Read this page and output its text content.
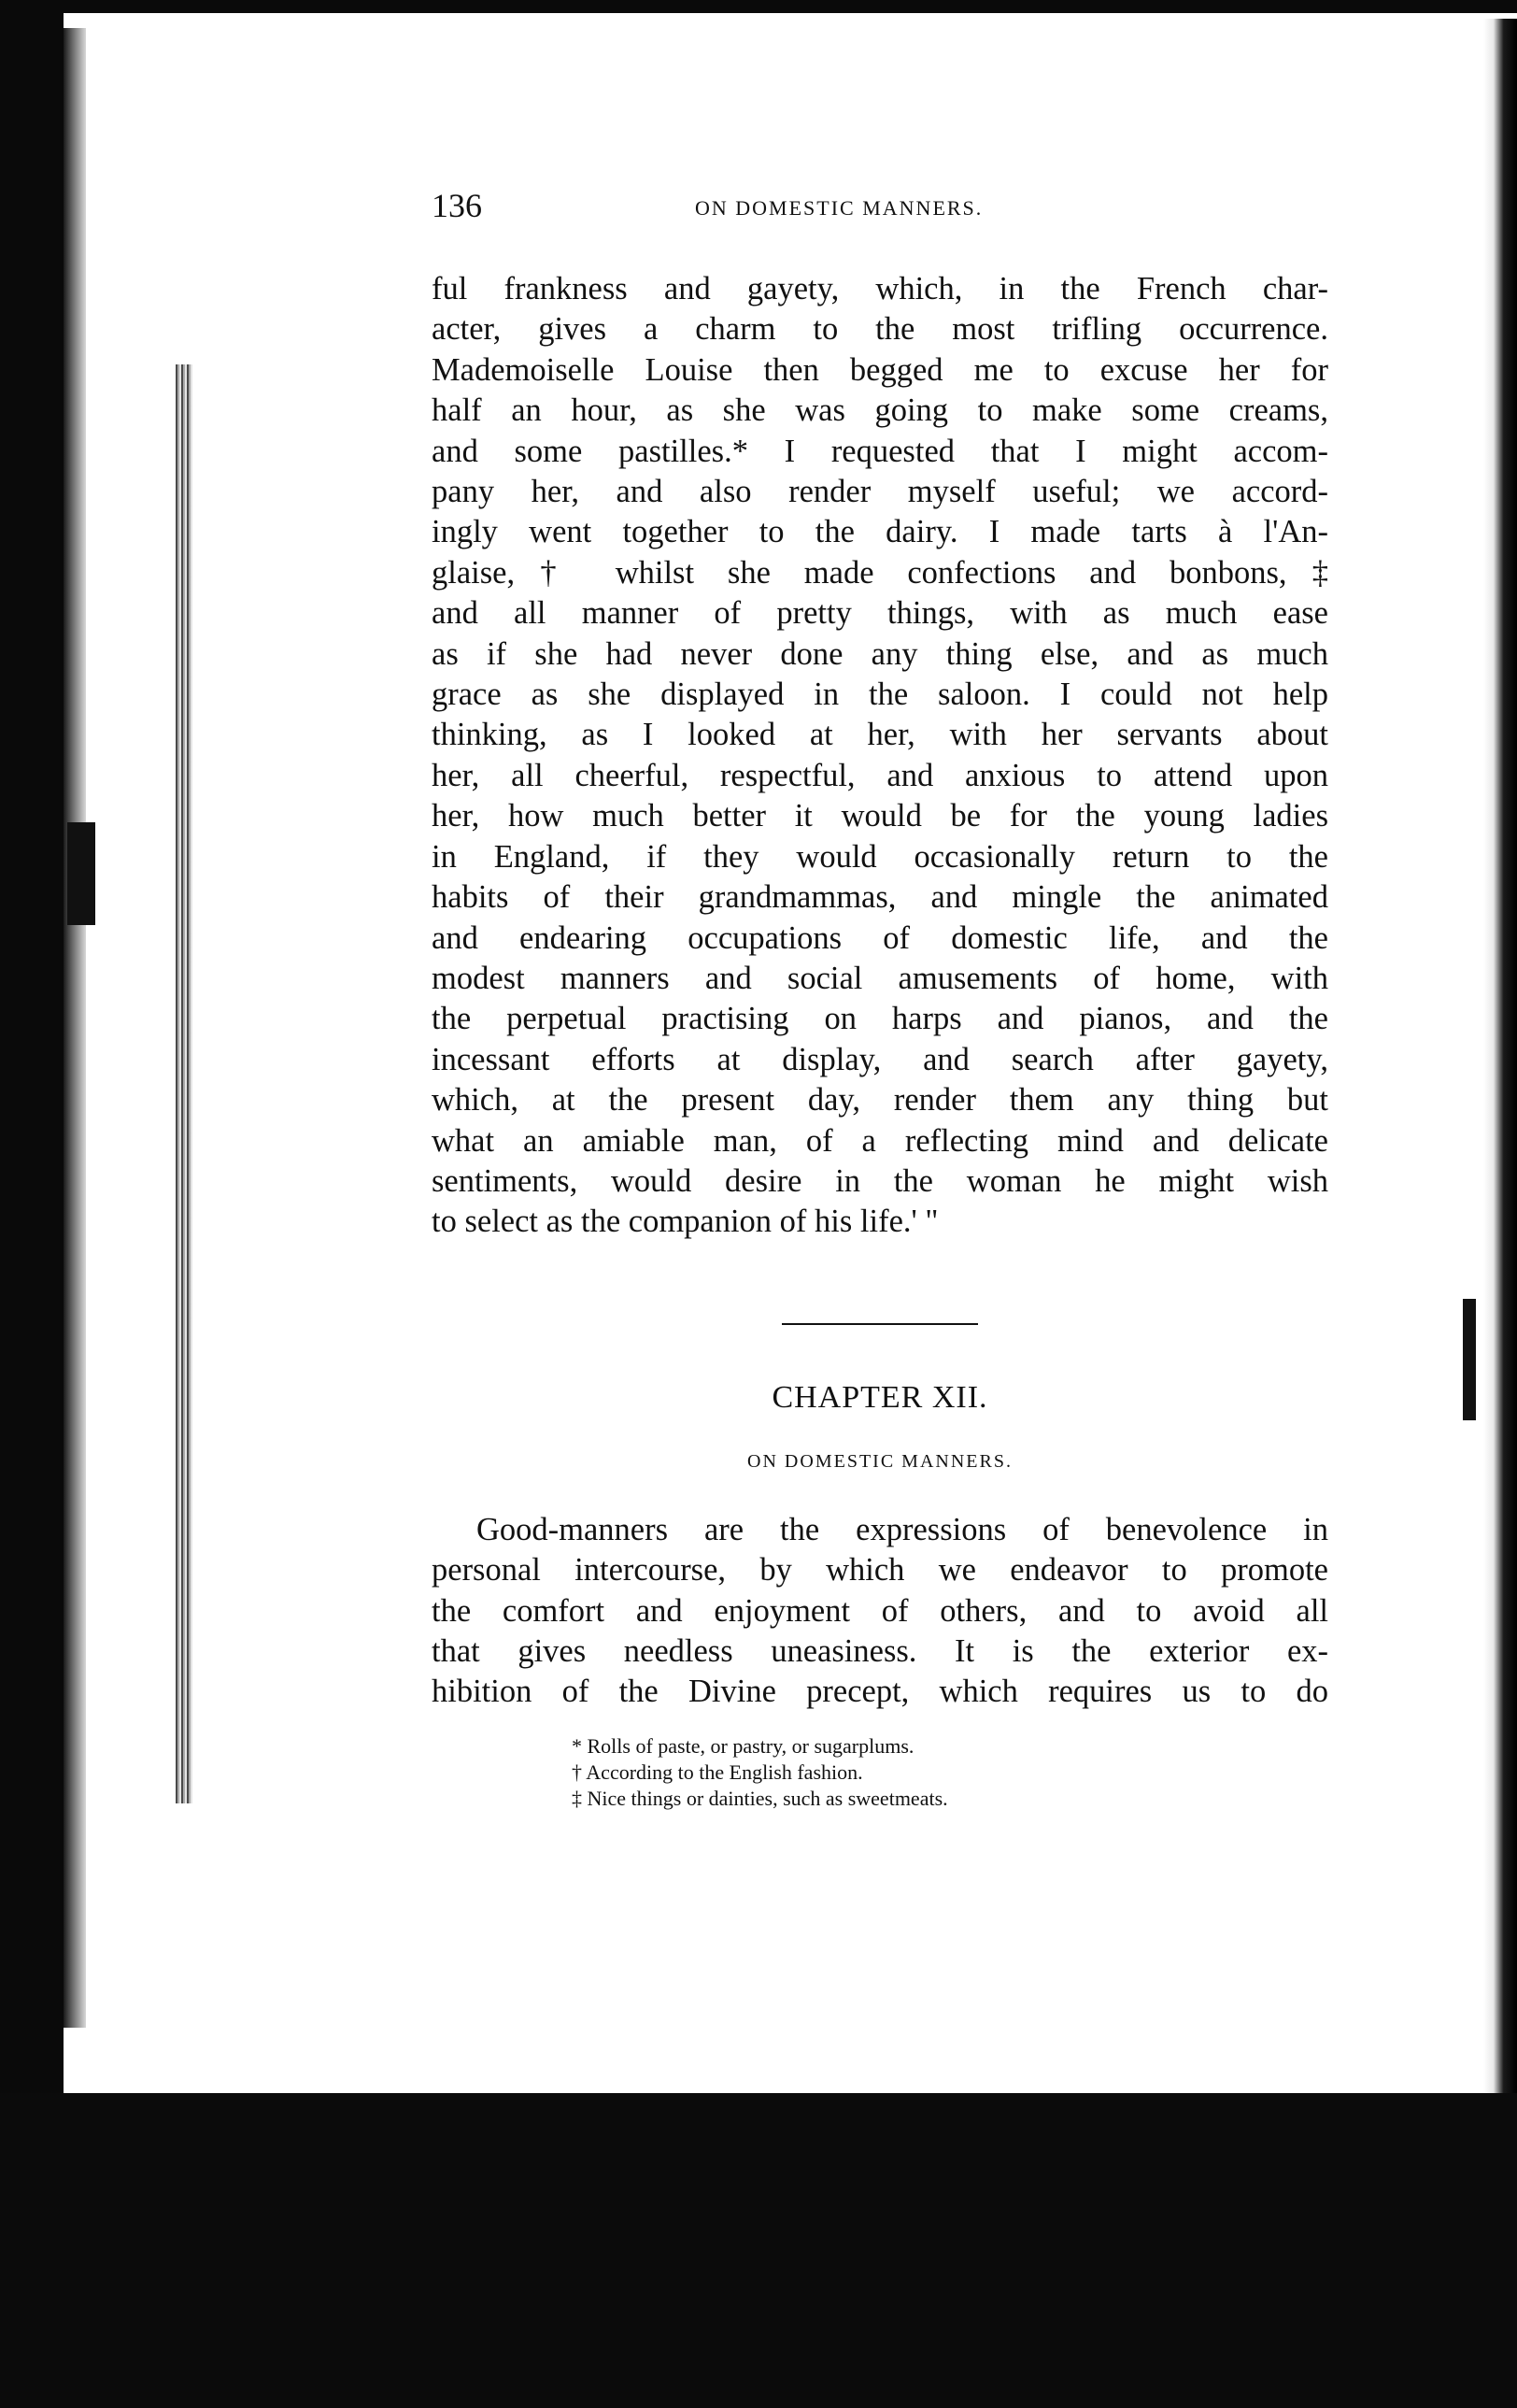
136	ON DOMESTIC MANNERS.

ful frankness and gayety, which, in the French char-

acter, gives a charm to the most trifling occurrence.

Mademoiselle Louise then begged me to excuse her for

half an hour, as she was going to make some creams,

and some pastilles.* I requested that I might accom-

pany her, and also render myself useful; we accord-

ingly went together to the dairy. I made tarts à l'An-

glaise,† whilst she made confections and bonbons,‡

and all manner of pretty things, with as much ease

as if she had never done any thing else, and as much

grace as she displayed in the saloon. I could not help

thinking, as I looked at her, with her servants about

her, all cheerful, respectful, and anxious to attend upon

her, how much better it would be for the young ladies

in England, if they would occasionally return to the

habits of their grandmammas, and mingle the animated

and endearing occupations of domestic life, and the

modest manners and social amusements of home, with

the perpetual practising on harps and pianos, and the

incessant efforts at display, and search after gayety,

which, at the present day, render them any thing but

what an amiable man, of a reflecting mind and delicate

sentiments, would desire in the woman he might wish

to select as the companion of his life.' "

CHAPTER XII.
ON DOMESTIC MANNERS.

Good-manners are the expressions of benevolence in

personal intercourse, by which we endeavor to promote

the comfort and enjoyment of others, and to avoid all

that gives needless uneasiness. It is the exterior ex-

hibition of the Divine precept, which requires us to do

* Rolls of paste, or pastry, or sugarplums.
† According to the English fashion.
‡ Nice things or dainties, such as sweetmeats.
